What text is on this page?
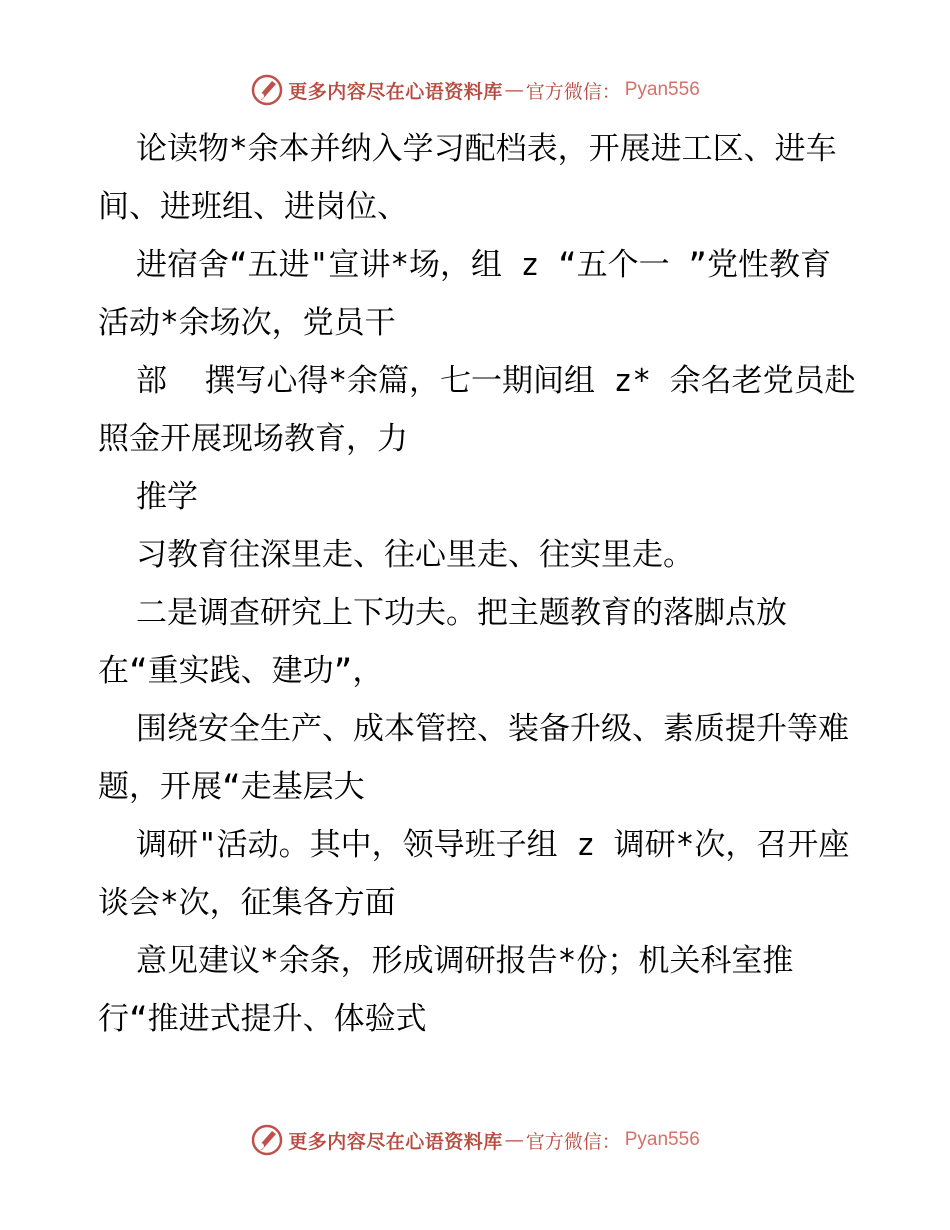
更多内容尽在心语资料库 — 官方微信： Pyan556

论读物*余本并纳入学习配档表，开展进工区、进车间、进班组、进岗位、

进宿舍“五进"宣讲*场，组 z “五个一 ”党性教育活动*余场次，党员干

部  撰写心得*余篇，七一期间组 z* 余名老党员赴照金开展现场教育，力

推学

习教育往深里走、往心里走、往实里走。

二是调查研究上下功夫。把主题教育的落脚点放在“重实践、建功”，

围绕安全生产、成本管控、装备升级、素质提升等难题，开展“走基层大

调研"活动。其中，领导班子组 z 调研*次，召开座谈会*次，征集各方面

意见建议*余条，形成调研报告*份；机关科室推行“推进式提升、体验式

更多内容尽在心语资料库 — 官方微信： Pyan556
